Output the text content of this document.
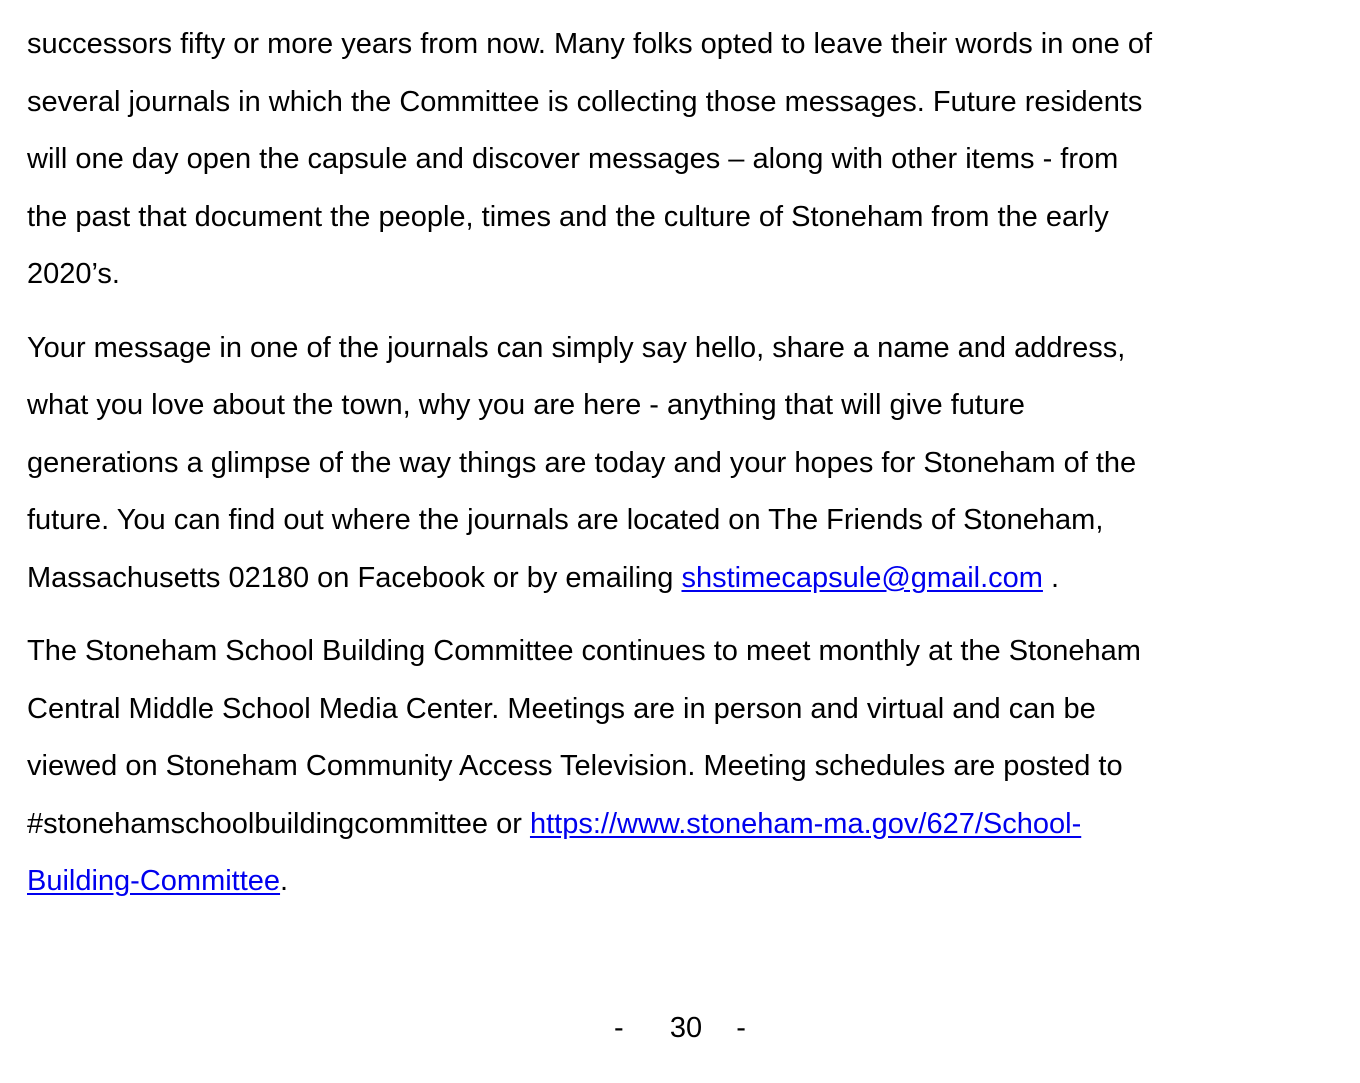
successors fifty or more years from now. Many folks opted to leave their words in one of
several journals in which the Committee is collecting those messages. Future residents
will one day open the capsule and discover messages – along with other items - from
the past that document the people, times and the culture of Stoneham from the early
2020’s.

Your message in one of the journals can simply say hello, share a name and address,
what you love about the town, why you are here - anything that will give future
generations a glimpse of the way things are today and your hopes for Stoneham of the
future. You can find out where the journals are located on The Friends of Stoneham,
Massachusetts 02180 on Facebook or by emailing shstimecapsule@gmail.com .

The Stoneham School Building Committee continues to meet monthly at the Stoneham
Central Middle School Media Center. Meetings are in person and virtual and can be
viewed on Stoneham Community Access Television. Meeting schedules are posted to
#stonehamschoolbuildingcommittee or https://www.stoneham-ma.gov/627/School-
Building-Committee.

- 30 -
